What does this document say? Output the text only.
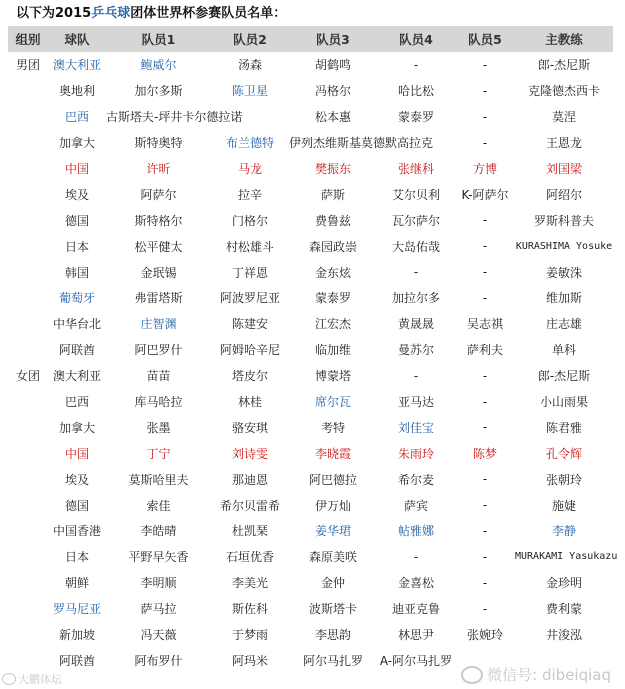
以下为2015乒乓球团体世界杯参赛队员名单：
组别	球队	队员1	队员2	队员3	队员4	队员5	主教练
男团	澳大利亚	鲍威尔	汤森	胡鹤鸣	-	-	郎-杰尼斯
	奥地利	加尔多斯	陈卫星	冯格尔	哈比松	-	克隆德杰西卡
	巴西	古斯塔夫-坪井卡尔德拉诺		松本惠	蒙泰罗	-	莫涅
	加拿大	斯特奥特	布兰德特	伊列杰维斯基莫德默高拉克		-	王恩龙
	中国	许昕	马龙	樊振东	张继科	方博	刘国梁
	埃及	阿萨尔	拉辛	萨斯	艾尔贝利	K-阿萨尔	阿绍尔
	德国	斯特格尔	门格尔	费鲁兹	瓦尔萨尔	-	罗斯科普夫
	日本	松平健太	村松雄斗	森园政崇	大岛佑哉	-	KURASHIMA Yosuke
	韩国	金珉锡	丁祥恩	金东炫	-	-	姜敏洙
	葡萄牙	弗雷塔斯	阿波罗尼亚	蒙泰罗	加拉尔多	-	维加斯
	中华台北	庄智渊	陈建安	江宏杰	黄晟晟	吴志祺	庄志雄
	阿联酋	阿巴罗什	阿姆哈辛尼	临加维	曼苏尔	萨利夫	单科
女团	澳大利亚	苗苗	塔皮尔	博蒙塔	-	-	郎-杰尼斯
	巴西	库马哈拉	林桂	席尔瓦	亚马达	-	小山雨果
	加拿大	张墨	骆安琪	考特	刘佳宝	-	陈君雅
	中国	丁宁	刘诗雯	李晓霞	朱雨玲	陈梦	孔令辉
	埃及	莫斯哈里夫	那迪恩	阿巴德拉	希尔麦	-	张朝玲
	德国	索佳	希尔贝雷希	伊万灿	萨宾	-	施婕
	中国香港	李皓晴	杜凯琹	姜华珺	帖雅娜	-	李静
	日本	平野早矢香	石垣优香	森原美咲	-	-	MURAKAMI Yasukazu
	朝鲜	李明顺	李美光	金仲	金喜松	-	金珍明
	罗马尼亚	萨马拉	斯佐科	波斯塔卡	迪亚克鲁	-	费利蒙
	新加坡	冯天薇	于梦雨	李思韵	林思尹	张婉玲	井浚泓
	阿联酋	阿布罗什	阿玛米	阿尔马扎罗	A-阿尔马扎罗		
大鹏体坛	微信号: dibeiqiaq
